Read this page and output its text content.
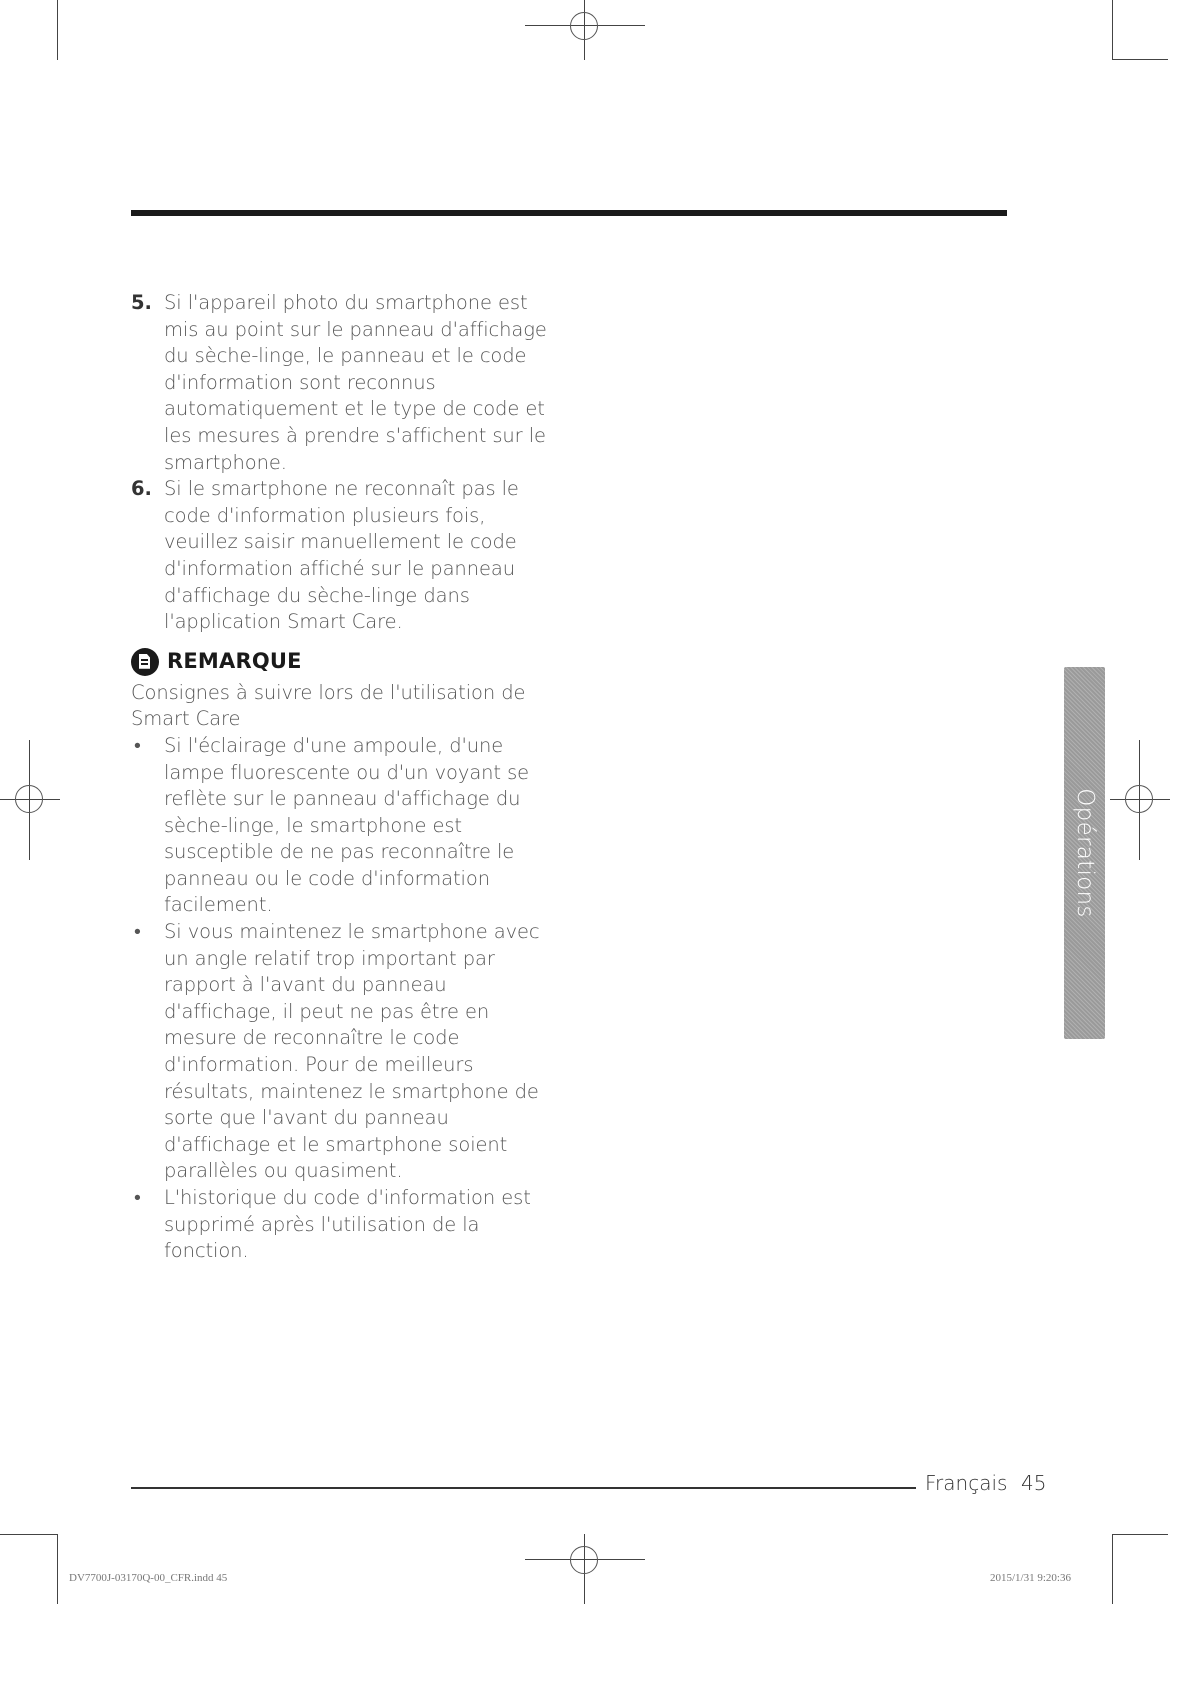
5. Si l'appareil photo du smartphone est mis au point sur le panneau d'affichage du sèche-linge, le panneau et le code d'information sont reconnus automatiquement et le type de code et les mesures à prendre s'affichent sur le smartphone.
6. Si le smartphone ne reconnaît pas le code d'information plusieurs fois, veuillez saisir manuellement le code d'information affiché sur le panneau d'affichage du sèche-linge dans l'application Smart Care.
REMARQUE

Consignes à suivre lors de l'utilisation de Smart Care

•	Si l'éclairage d'une ampoule, d'une lampe fluorescente ou d'un voyant se reflète sur le panneau d'affichage du sèche-linge, le smartphone est susceptible de ne pas reconnaître le panneau ou le code d'information facilement.
•	Si vous maintenez le smartphone avec un angle relatif trop important par rapport à l'avant du panneau d'affichage, il peut ne pas être en mesure de reconnaître le code d'information. Pour de meilleurs résultats, maintenez le smartphone de sorte que l'avant du panneau d'affichage et le smartphone soient parallèles ou quasiment.
•	L'historique du code d'information est supprimé après l'utilisation de la fonction.
Opérations
Français 45
DV7700J-03170Q-00_CFR.indd 45	2015/1/31 9:20:36
